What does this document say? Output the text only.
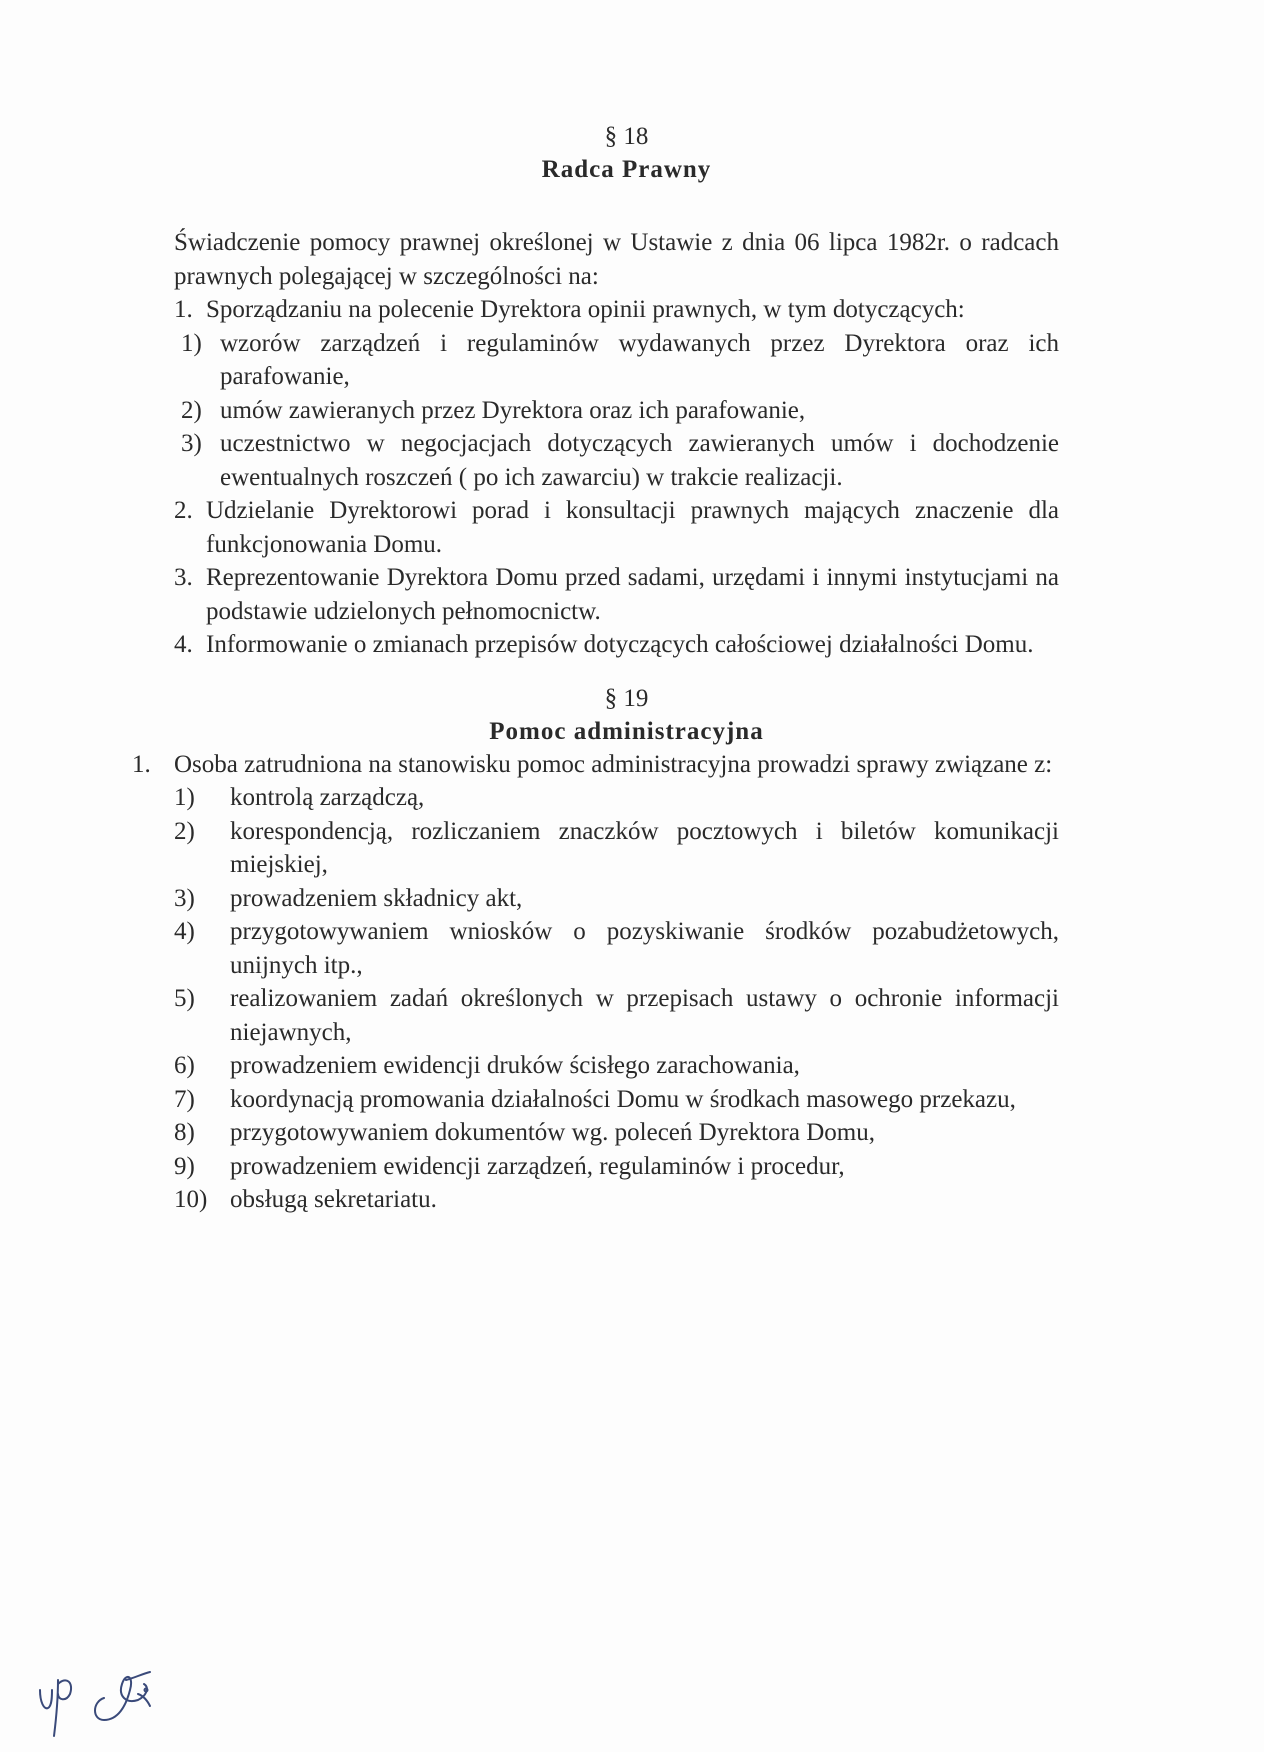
§ 18
Radca Prawny
Świadczenie pomocy prawnej określonej w Ustawie z dnia 06 lipca 1982r. o radcach prawnych polegającej w szczególności na:
1. Sporządzaniu na polecenie Dyrektora opinii prawnych, w tym dotyczących:
1) wzorów zarządzeń i regulaminów wydawanych przez Dyrektora oraz ich parafowanie,
2) umów zawieranych przez Dyrektora oraz ich parafowanie,
3) uczestnictwo w negocjacjach dotyczących zawieranych umów i dochodzenie ewentualnych roszczeń ( po ich zawarciu) w trakcie realizacji.
2. Udzielanie Dyrektorowi porad i konsultacji prawnych mających znaczenie dla funkcjonowania Domu.
3. Reprezentowanie Dyrektora Domu przed sadami, urzędami i innymi instytucjami na podstawie udzielonych pełnomocnictw.
4. Informowanie o zmianach przepisów dotyczących całościowej działalności Domu.
§ 19
Pomoc administracyjna
1. Osoba zatrudniona na stanowisku pomoc administracyjna prowadzi sprawy związane z:
1)	kontrolą zarządczą,
2)	korespondencją, rozliczaniem znaczków pocztowych i biletów komunikacji miejskiej,
3)	prowadzeniem składnicy akt,
4)	przygotowywaniem wniosków o pozyskiwanie środków pozabudżetowych, unijnych itp.,
5)	realizowaniem zadań określonych w przepisach ustawy o ochronie informacji niejawnych,
6)	prowadzeniem ewidencji druków ścisłego zarachowania,
7)	koordynacją promowania działalności Domu w środkach masowego przekazu,
8)	przygotowywaniem dokumentów wg. poleceń Dyrektora Domu,
9)	prowadzeniem ewidencji zarządzeń, regulaminów i procedur,
10) obsługą sekretariatu.
